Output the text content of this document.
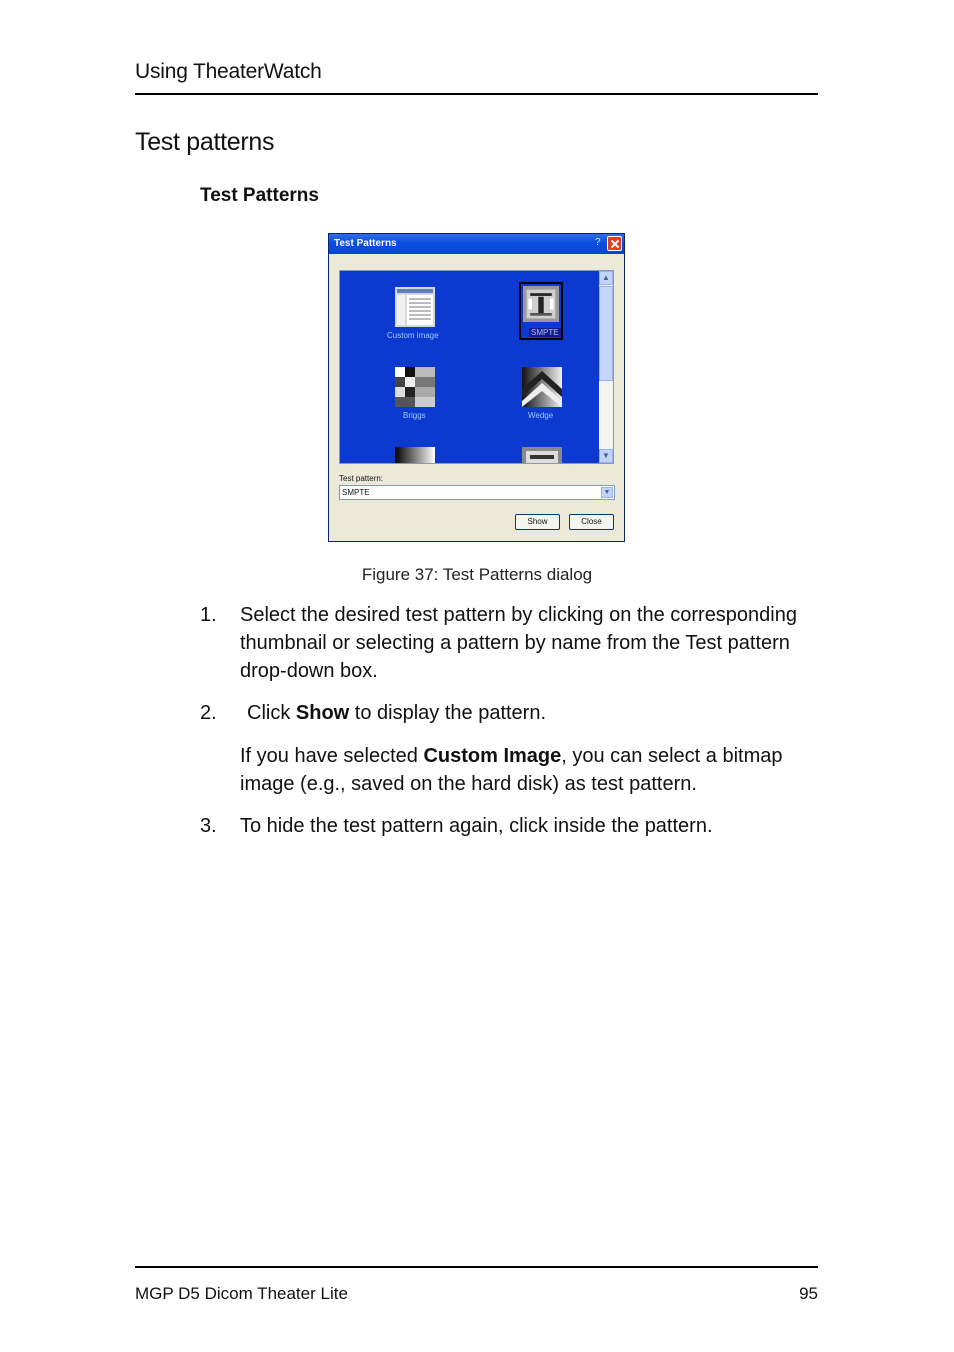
Using TheaterWatch
Test patterns
Test Patterns
Test Patterns	?
Custom image	SMPTE
Briggs	Wedge
▲
▼
Test pattern:
SMPTE	▼
Show	Close
Figure 37: Test Patterns dialog
1. Select the desired test pattern by clicking on the corresponding thumbnail or selecting a pattern by name from the Test pattern drop-down box.
2. Click Show to display the pattern.
If you have selected Custom Image, you can select a bitmap image (e.g., saved on the hard disk) as test pattern.
3. To hide the test pattern again, click inside the pattern.
MGP D5 Dicom Theater Lite	95
